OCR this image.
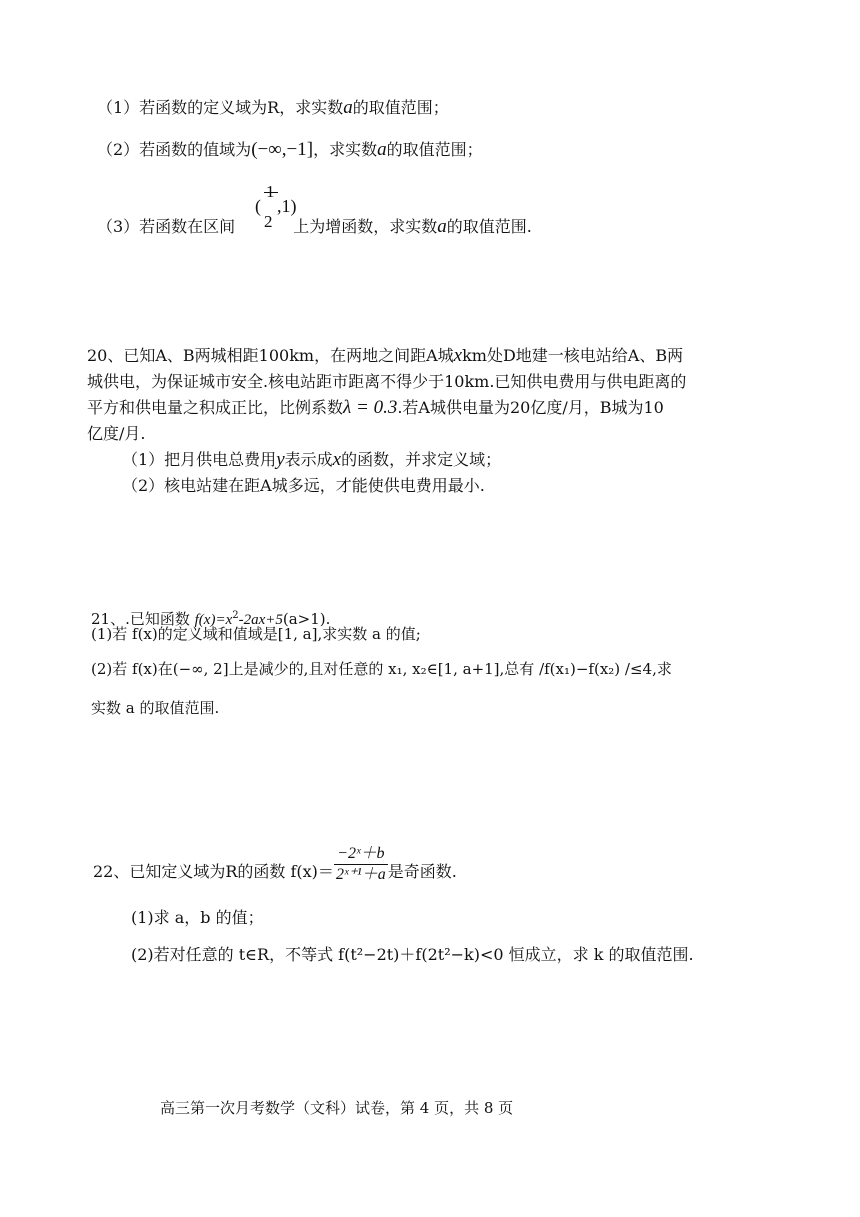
（1）若函数的定义域为R，求实数a的取值范围；
（2）若函数的值域为(−∞,−1]，求实数a的取值范围；
（3）若函数在区间	上为增函数，求实数a的取值范围.
(
1
2
,1)
20、已知A、B两城相距100km，在两地之间距A城xkm处D地建一核电站给A、B两
城供电，为保证城市安全.核电站距市距离不得少于10km.已知供电费用与供电距离的
平方和供电量之积成正比，比例系数λ = 0.3.若A城供电量为20亿度/月，B城为10
亿度/月.
（1）把月供电总费用y表示成x的函数，并求定义域；
（2）核电站建在距A城多远，才能使供电费用最小.
21、.已知函数 $f(x)=x^2-2ax+5(a>1)$.
(1)若 f(x)的定义域和值域是[1, a],求实数 a 的值;
(2)若 f(x)在(−∞, 2]上是减少的,且对任意的 x₁, x₂∈[1, a+1],总有 /f(x₁)−f(x₂) /≤4,求
实数 a 的取值范围.
22、已知定义域为R的函数 $f(x)= \frac{\text{−2ˣ＋b}}{\text{2ˣ⁺¹＋a}}$ 是奇函数.
(1)求 a，b 的值；
(2)若对任意的 t∈R，不等式 f(t²−2t)＋f(2t²−k)<0 恒成立，求 k 的取值范围.
高三第一次月考数学（文科）试卷，第 4 页，共 8 页
